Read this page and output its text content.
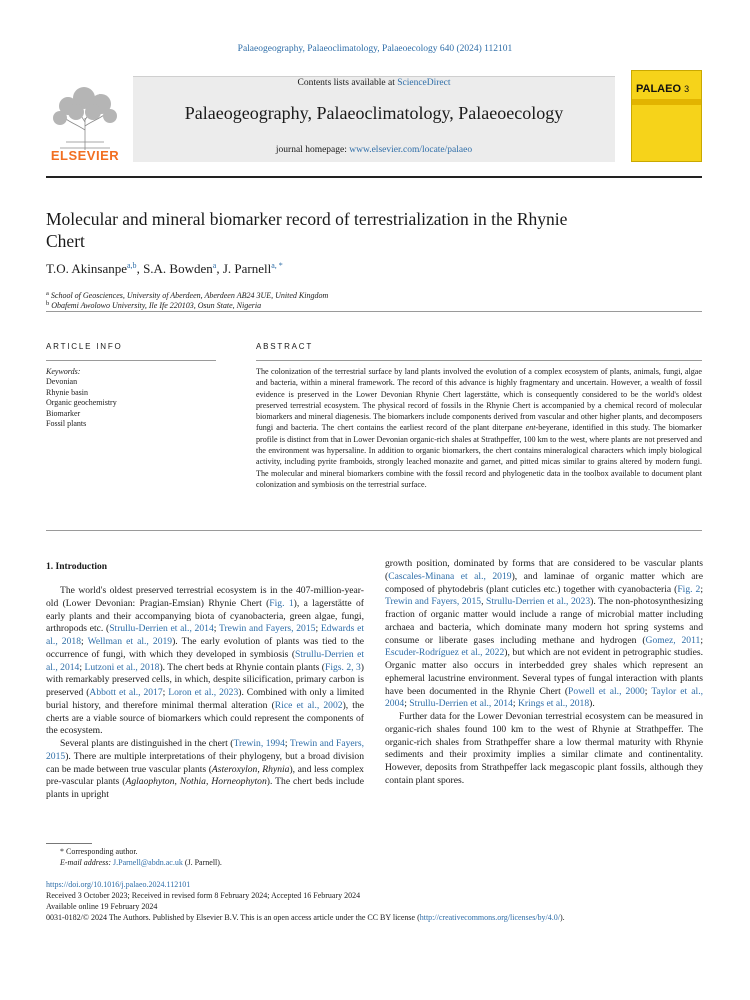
Palaeogeography, Palaeoclimatology, Palaeoecology 640 (2024) 112101
ELSEVIER
Contents lists available at ScienceDirect
Palaeogeography, Palaeoclimatology, Palaeoecology
journal homepage: www.elsevier.com/locate/palaeo
PALAEO 3
Molecular and mineral biomarker record of terrestrialization in the Rhynie Chert
T.O. Akinsanpe$^{a,b}$, S.A. Bowden$^a$, J. Parnell$^{a, *}$
$^a$ School of Geosciences, University of Aberdeen, Aberdeen AB24 3UE, United Kingdom
$^b$ Obafemi Awolowo University, Ile Ife 220103, Osun State, Nigeria
ARTICLE INFO
Keywords:
Devonian
Rhynie basin
Organic geochemistry
Biomarker
Fossil plants
ABSTRACT
The colonization of the terrestrial surface by land plants involved the evolution of a complex ecosystem of plants, animals, fungi, algae and bacteria, within a mineral framework. The record of this advance is highly fragmentary and uncertain. However, a wealth of fossil evidence is preserved in the Lower Devonian Rhynie Chert lagerstätte, which is consequently considered to be the world's oldest preserved terrestrial ecosystem. The physical record of fossils in the Rhynie Chert is accompanied by a chemical record of molecular biomarkers and mineral diagenesis. The biomarkers include components derived from vascular and other higher plants, and decomposers fungi and bacteria. The chert contains the earliest record of the plant diterpane ent-beyerane, identified in this study. The biomarker profile is distinct from that in Lower Devonian organic-rich shales at Strathpeffer, 100 km to the west, where plants are not preserved and the environment was hypersaline. In addition to organic biomarkers, the chert contains mineralogical characters which imply biological activity, including pyrite framboids, strongly leached monazite and garnet, and pitted micas similar to grains altered by modern fungi. The molecular and mineral biomarkers combine with the fossil record and phylogenetic data in the toolbox available to document plant colonization and symbiosis on the terrestrial surface.
1. Introduction

The world's oldest preserved terrestrial ecosystem is in the 407-million-year-old (Lower Devonian: Pragian-Emsian) Rhynie Chert (Fig. 1), a lagerstätte of early plants and their accompanying biota of cyanobacteria, green algae, fungi, arthropods etc. (Strullu-Derrien et al., 2014; Trewin and Fayers, 2015; Edwards et al., 2018; Wellman et al., 2019). The early evolution of plants was tied to the occurrence of fungi, with which they developed in symbiosis (Strullu-Derrien et al., 2014; Lutzoni et al., 2018). The chert beds at Rhynie contain plants (Figs. 2, 3) with remarkably preserved cells, in which, despite silicification, primary carbon is preserved (Abbott et al., 2017; Loron et al., 2023). Combined with only a limited burial history, and therefore minimal thermal alteration (Rice et al., 2002), the cherts are a viable source of biomarkers which could represent the components of the ecosystem.

Several plants are distinguished in the chert (Trewin, 1994; Trewin and Fayers, 2015). There are multiple interpretations of their phylogeny, but a broad division can be made between true vascular plants (Asteroxylon, Rhynia), and less complex pre-vascular plants (Aglaophyton, Nothia, Horneophyton). The chert beds include plants in upright

growth position, dominated by forms that are considered to be vascular plants (Cascales-Minana et al., 2019), and laminae of organic matter which are composed of phytodebris (plant cuticles etc.) together with cyanobacteria (Fig. 2; Trewin and Fayers, 2015, Strullu-Derrien et al., 2023). The non-photosynthesizing fraction of organic matter would include a range of microbial matter including archaea and bacteria, which dominate many modern hot spring systems and consume or liberate gases including methane and hydrogen (Gomez, 2011; Escuder-Rodríguez et al., 2022), but which are not evident in petrographic studies. Organic matter also occurs in interbedded grey shales which represent an ephemeral lacustrine environment. Several types of fungal interaction with plants have been documented in the Rhynie Chert (Powell et al., 2000; Taylor et al., 2004; Strullu-Derrien et al., 2014; Krings et al., 2018).

Further data for the Lower Devonian terrestrial ecosystem can be measured in organic-rich shales found 100 km to the west of Rhynie at Strathpeffer. The organic-rich shales from Strathpeffer share a low thermal maturity with Rhynie sediments and their proximity implies a similar climate and continentality. However, deposits from Strathpeffer lack megascopic plant fossils, although they contain plant spores.

* Corresponding author.
E-mail address: J.Parnell@abdn.ac.uk (J. Parnell).
https://doi.org/10.1016/j.palaeo.2024.112101
Received 3 October 2023; Received in revised form 8 February 2024; Accepted 16 February 2024
Available online 19 February 2024
0031-0182/© 2024 The Authors. Published by Elsevier B.V. This is an open access article under the CC BY license (http://creativecommons.org/licenses/by/4.0/).
